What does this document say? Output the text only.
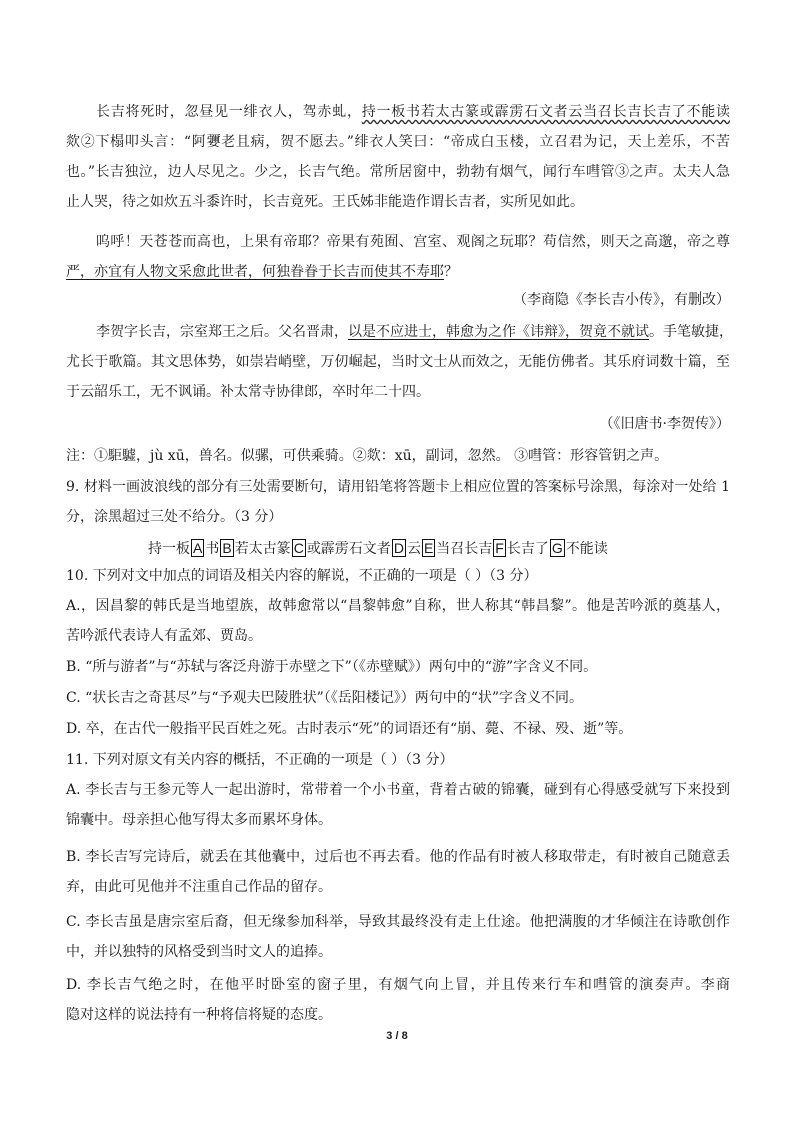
长吉将死时，忽昼见一绯衣人，驾赤虬，持一板书若太古篆或霹雳石文者云当召长吉长吉了不能读
欻②下榻叩头言：“阿㜷老且病，贺不愿去。”绯衣人笑曰：“帝成白玉楼，立召君为记，天上差乐，不苦
也。”长吉独泣，边人尽见之。少之，长吉气绝。常所居窗中，勃勃有烟气，闻行车嘒管③之声。太夫人急
止人哭，待之如炊五斗黍许时，长吉竟死。王氏姊非能造作谓长吉者，实所见如此。
呜呼！天苍苍而高也，上果有帝耶？帝果有苑囿、宫室、观阁之玩耶？苟信然，则天之高邈，帝之尊
严，亦宜有人物文采愈此世者，何独眷眷于长吉而使其不寿耶？
（李商隐《李长吉小传》，有删改）
李贺字长吉，宗室郑王之后。父名晋肃，以是不应进士，韩愈为之作《讳辩》，贺竟不就试。手笔敏捷，
尤长于歌篇。其文思体势，如崇岩峭壁，万仞崛起，当时文士从而效之，无能仿佛者。其乐府词数十篇，至
于云韶乐工，无不讽诵。补太常寺协律郎，卒时年二十四。
（《旧唐书·李贺传》）
注：①駏驉，jù xū，兽名。似骡，可供乘骑。②欻：xū，副词，忽然。 ③嘒管：形容管钥之声。
9. 材料一画波浪线的部分有三处需要断句，请用铅笔将答题卡上相应位置的答案标号涂黑，每涂对一处给 1
分，涂黑超过三处不给分。（3 分）
持一板 A 书 B 若太古篆 C 或霹雳石文者 D 云 E 当召长吉 F 长吉了 G 不能读
10. 下列对文中加点的词语及相关内容的解说，不正确的一项是（ ）（3 分）
A.，因昌黎的韩氏是当地望族，故韩愈常以“昌黎韩愈”自称，世人称其“韩昌黎”。他是苦吟派的奠基人，
苦吟派代表诗人有孟郊、贾岛。
B. “所与游者”与“苏轼与客泛舟游于赤壁之下”（《赤壁赋》）两句中的“游”字含义不同。
C. “状长吉之奇甚尽”与“予观夫巴陵胜状”（《岳阳楼记》）两句中的“状”字含义不同。
D. 卒，在古代一般指平民百姓之死。古时表示“死”的词语还有“崩、薨、不禄、殁、逝”等。
11. 下列对原文有关内容的概括，不正确的一项是（ ）（3 分）
A. 李长吉与王参元等人一起出游时，常带着一个小书童，背着古破的锦囊，碰到有心得感受就写下来投到
锦囊中。母亲担心他写得太多而累坏身体。
B. 李长吉写完诗后，就丢在其他囊中，过后也不再去看。他的作品有时被人移取带走，有时被自己随意丢
弃，由此可见他并不注重自己作品的留存。
C. 李长吉虽是唐宗室后裔，但无缘参加科举，导致其最终没有走上仕途。他把满腹的才华倾注在诗歌创作
中，并以独特的风格受到当时文人的追捧。
D. 李长吉气绝之时，在他平时卧室的窗子里，有烟气向上冒，并且传来行车和嘒管的演奏声。李商
隐对这样的说法持有一种将信将疑的态度。
3 / 8
